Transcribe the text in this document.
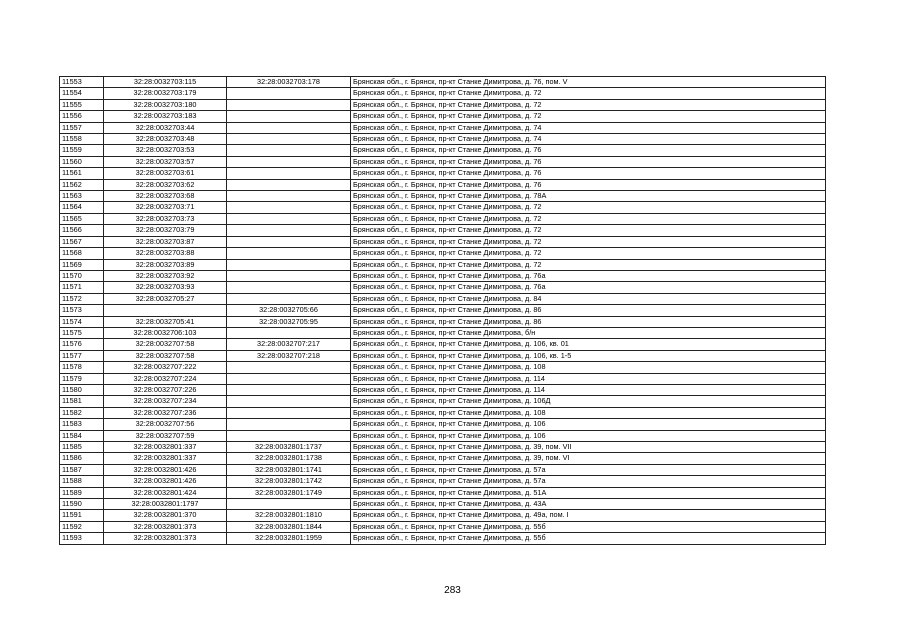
11553	32:28:0032703:115	32:28:0032703:178	Брянская обл., г. Брянск, пр-кт Станке Димитрова, д. 76, пом. V
11554	32:28:0032703:179		Брянская обл., г. Брянск, пр-кт Станке Димитрова, д. 72
11555	32:28:0032703:180		Брянская обл., г. Брянск, пр-кт Станке Димитрова, д. 72
11556	32:28:0032703:183		Брянская обл., г. Брянск, пр-кт Станке Димитрова, д. 72
11557	32:28:0032703:44		Брянская обл., г. Брянск, пр-кт Станке Димитрова, д. 74
11558	32:28:0032703:48		Брянская обл., г. Брянск, пр-кт Станке Димитрова, д. 74
11559	32:28:0032703:53		Брянская обл., г. Брянск, пр-кт Станке Димитрова, д. 76
11560	32:28:0032703:57		Брянская обл., г. Брянск, пр-кт Станке Димитрова, д. 76
11561	32:28:0032703:61		Брянская обл., г. Брянск, пр-кт Станке Димитрова, д. 76
11562	32:28:0032703:62		Брянская обл., г. Брянск, пр-кт Станке Димитрова, д. 76
11563	32:28:0032703:68		Брянская обл., г. Брянск, пр-кт Станке Димитрова, д. 78А
11564	32:28:0032703:71		Брянская обл., г. Брянск, пр-кт Станке Димитрова, д. 72
11565	32:28:0032703:73		Брянская обл., г. Брянск, пр-кт Станке Димитрова, д. 72
11566	32:28:0032703:79		Брянская обл., г. Брянск, пр-кт Станке Димитрова, д. 72
11567	32:28:0032703:87		Брянская обл., г. Брянск, пр-кт Станке Димитрова, д. 72
11568	32:28:0032703:88		Брянская обл., г. Брянск, пр-кт Станке Димитрова, д. 72
11569	32:28:0032703:89		Брянская обл., г. Брянск, пр-кт Станке Димитрова, д. 72
11570	32:28:0032703:92		Брянская обл., г. Брянск, пр-кт Станке Димитрова, д. 76а
11571	32:28:0032703:93		Брянская обл., г. Брянск, пр-кт Станке Димитрова, д. 76а
11572	32:28:0032705:27		Брянская обл., г. Брянск, пр-кт Станке Димитрова, д. 84
11573		32:28:0032705:66	Брянская обл., г. Брянск, пр-кт Станке Димитрова, д. 86
11574	32:28:0032705:41	32:28:0032705:95	Брянская обл., г. Брянск, пр-кт Станке Димитрова, д. 86
11575	32:28:0032706:103		Брянская обл., г. Брянск, пр-кт Станке Димитрова, б/н
11576	32:28:0032707:58	32:28:0032707:217	Брянская обл., г. Брянск, пр-кт Станке Димитрова, д. 106, кв. 01
11577	32:28:0032707:58	32:28:0032707:218	Брянская обл., г. Брянск, пр-кт Станке Димитрова, д. 106, кв. 1-5
11578	32:28:0032707:222		Брянская обл., г. Брянск, пр-кт Станке Димитрова, д. 108
11579	32:28:0032707:224		Брянская обл., г. Брянск, пр-кт Станке Димитрова, д. 114
11580	32:28:0032707:226		Брянская обл., г. Брянск, пр-кт Станке Димитрова, д. 114
11581	32:28:0032707:234		Брянская обл., г. Брянск, пр-кт Станке Димитрова, д. 106Д
11582	32:28:0032707:236		Брянская обл., г. Брянск, пр-кт Станке Димитрова, д. 108
11583	32:28:0032707:56		Брянская обл., г. Брянск, пр-кт Станке Димитрова, д. 106
11584	32:28:0032707:59		Брянская обл., г. Брянск, пр-кт Станке Димитрова, д. 106
11585	32:28:0032801:337	32:28:0032801:1737	Брянская обл., г. Брянск, пр-кт Станке Димитрова, д. 39, пом. VII
11586	32:28:0032801:337	32:28:0032801:1738	Брянская обл., г. Брянск, пр-кт Станке Димитрова, д. 39, пом. VI
11587	32:28:0032801:426	32:28:0032801:1741	Брянская обл., г. Брянск, пр-кт Станке Димитрова, д. 57а
11588	32:28:0032801:426	32:28:0032801:1742	Брянская обл., г. Брянск, пр-кт Станке Димитрова, д. 57а
11589	32:28:0032801:424	32:28:0032801:1749	Брянская обл., г. Брянск, пр-кт Станке Димитрова, д. 51А
11590	32:28:0032801:1797		Брянская обл., г. Брянск, пр-кт Станке Димитрова, д. 43А
11591	32:28:0032801:370	32:28:0032801:1810	Брянская обл., г. Брянск, пр-кт Станке Димитрова, д. 49а, пом. I
11592	32:28:0032801:373	32:28:0032801:1844	Брянская обл., г. Брянск, пр-кт Станке Димитрова, д. 55б
11593	32:28:0032801:373	32:28:0032801:1959	Брянская обл., г. Брянск, пр-кт Станке Димитрова, д. 55б
283
